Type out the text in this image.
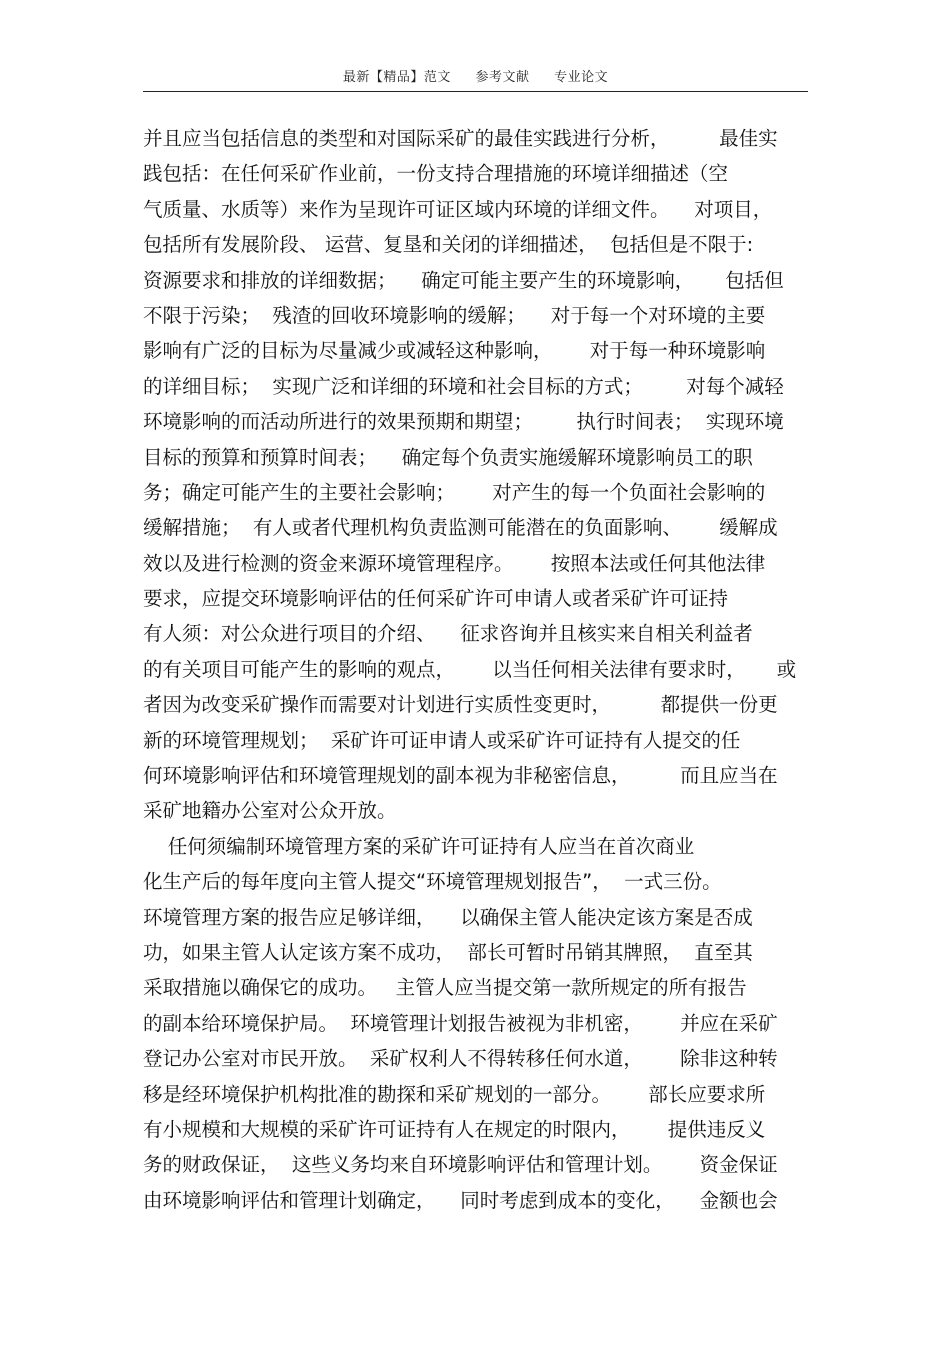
最新【精品】范文 参考文献 专业论文
并且应当包括信息的类型和对国际采矿的最佳实践进行分析，        最佳实
践包括：在任何采矿作业前，一份支持合理措施的环境详细描述（空
气质量、水质等）来作为呈现许可证区域内环境的详细文件。    对项目，
包括所有发展阶段、 运营、复垦和关闭的详细描述，  包括但是不限于:
资源要求和排放的详细数据；    确定可能主要产生的环境影响，     包括但
不限于污染；  残渣的回收环境影响的缓解；    对于每一个对环境的主要
影响有广泛的目标为尽量减少或减轻这种影响，      对于每一种环境影响
的详细目标；  实现广泛和详细的环境和社会目标的方式；       对每个减轻
环境影响的而活动所进行的效果预期和期望；       执行时间表；  实现环境
目标的预算和预算时间表；    确定每个负责实施缓解环境影响员工的职
务；确定可能产生的主要社会影响；      对产生的每一个负面社会影响的
缓解措施；  有人或者代理机构负责监测可能潜在的负面影响、      缓解成
效以及进行检测的资金来源环境管理程序。      按照本法或任何其他法律
要求，应提交环境影响评估的任何采矿许可申请人或者采矿许可证持
有人须：对公众进行项目的介绍、    征求咨询并且核实来自相关利益者
的有关项目可能产生的影响的观点，      以当任何相关法律有要求时，     或
者因为改变采矿操作而需要对计划进行实质性变更时，        都提供一份更
新的环境管理规划；  采矿许可证申请人或采矿许可证持有人提交的任
何环境影响评估和环境管理规划的副本视为非秘密信息，        而且应当在
采矿地籍办公室对公众开放。
任何须编制环境管理方案的采矿许可证持有人应当在首次商业
化生产后的每年度向主管人提交“环境管理规划报告”，  一式三份。
环境管理方案的报告应足够详细，    以确保主管人能决定该方案是否成
功，如果主管人认定该方案不成功，  部长可暂时吊销其牌照，  直至其
采取措施以确保它的成功。   主管人应当提交第一款所规定的所有报告
的副本给环境保护局。  环境管理计划报告被视为非机密，      并应在采矿
登记办公室对市民开放。  采矿权利人不得转移任何水道，      除非这种转
移是经环境保护机构批准的勘探和采矿规划的一部分。      部长应要求所
有小规模和大规模的采矿许可证持有人在规定的时限内，      提供违反义
务的财政保证，  这些义务均来自环境影响评估和管理计划。      资金保证
由环境影响评估和管理计划确定，    同时考虑到成本的变化，    金额也会
